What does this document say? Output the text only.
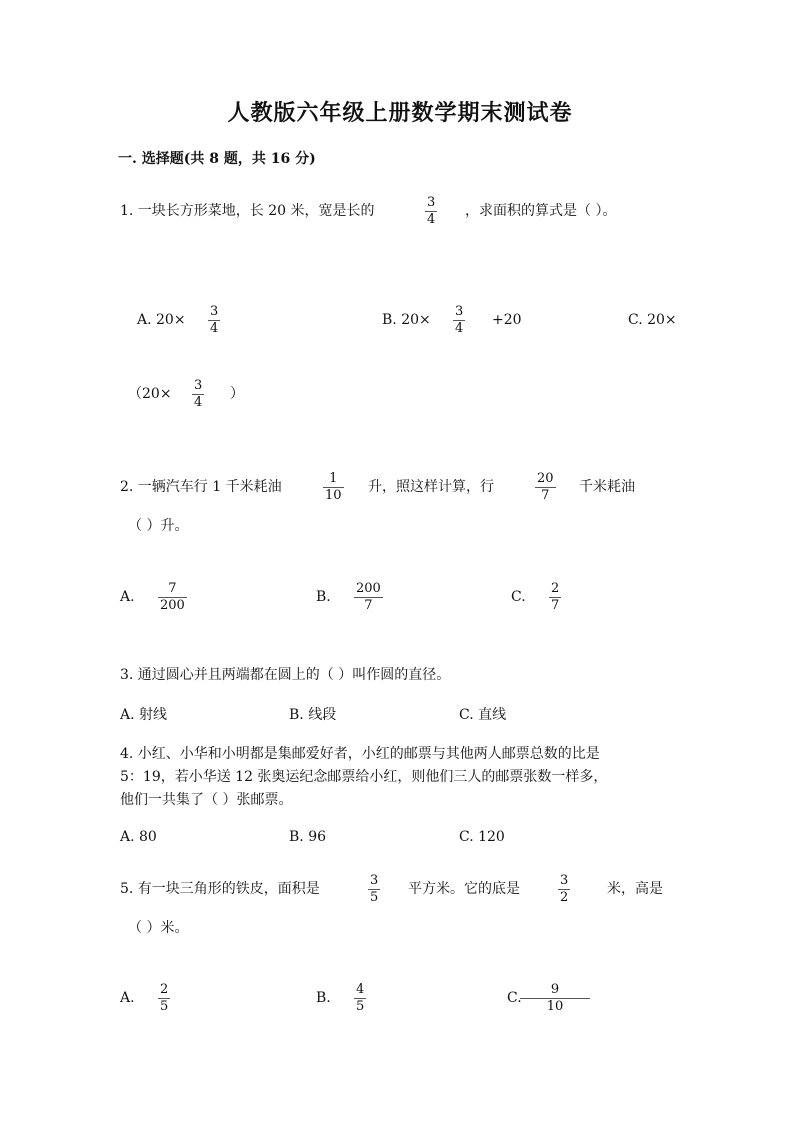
人教版六年级上册数学期末测试卷
一. 选择题(共 8 题，共 16 分)
1. 一块长方形菜地，长 20 米，宽是长的
3
4
，求面积的算式是（ ）。
A. 20×
3
4
B. 20×
3
4
+20	C. 20×
（20×
3
4
）
2. 一辆汽车行 1 千米耗油
1
10
升，照这样计算，行
20
7
千米耗油
（ ）升。
A.
7
200
B.
200
7
C.
2
7
3. 通过圆心并且两端都在圆上的（ ）叫作圆的直径。
A. 射线	B. 线段	C. 直线
4. 小红、小华和小明都是集邮爱好者，小红的邮票与其他两人邮票总数的比是
5：19，若小华送 12 张奥运纪念邮票给小红，则他们三人的邮票张数一样多，
他们一共集了（ ）张邮票。
A. 80	B. 96	C. 120
5. 有一块三角形的铁皮，面积是
3
5
平方米。它的底是
3
2
米，高是
（ ）米。
A.
2
5
B.
4
5
C.
9
10
